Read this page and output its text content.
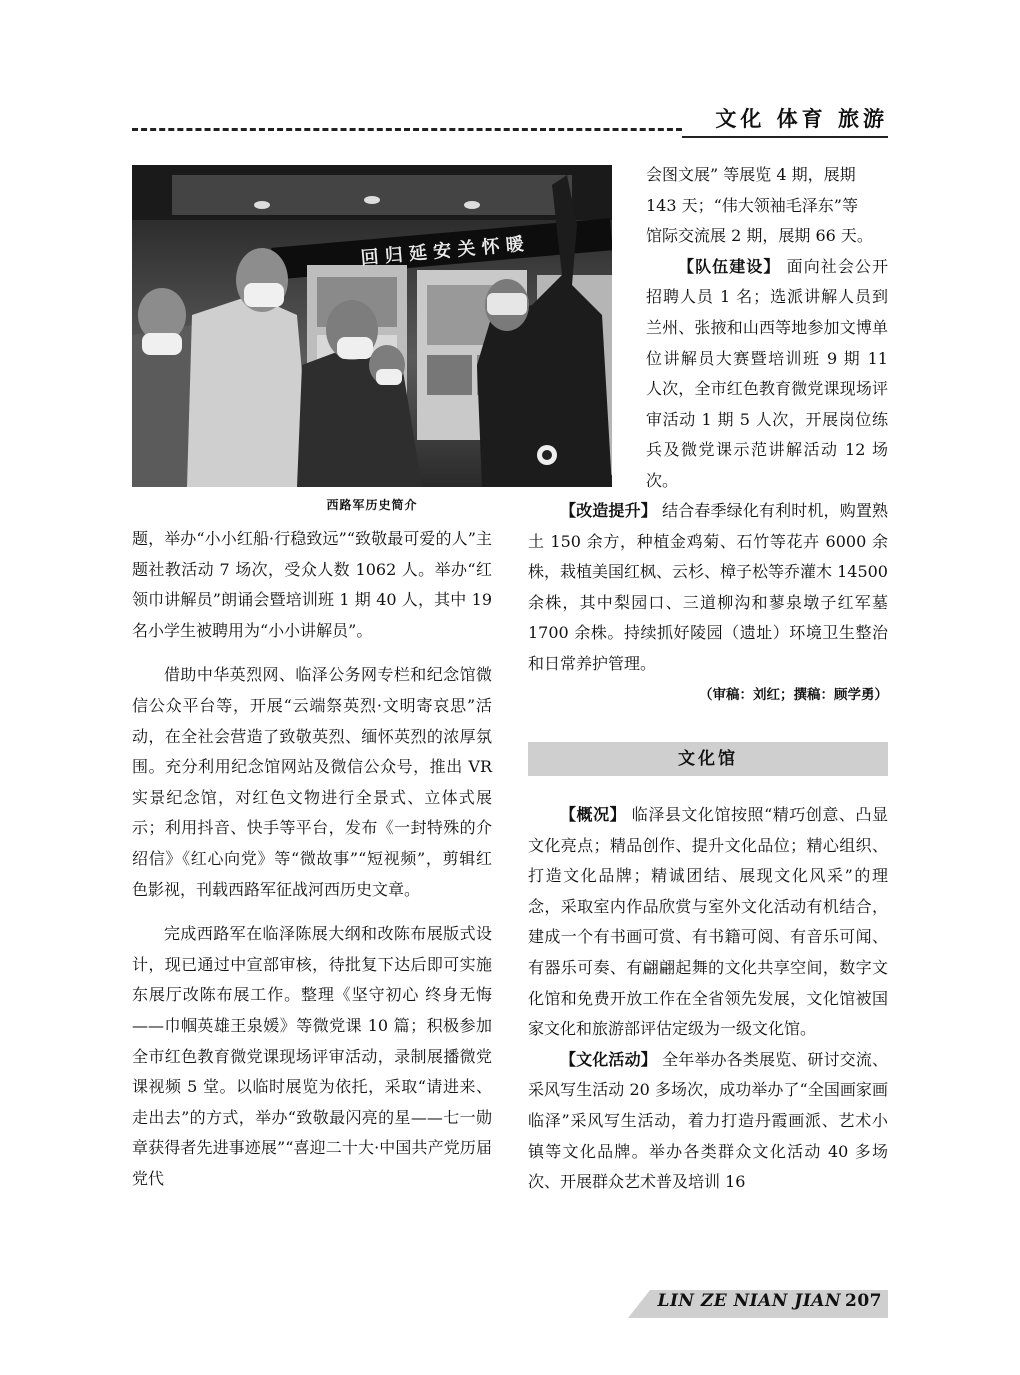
文化 体育 旅游
回 归 延 安 关 怀 暖
西路军历史简介

会图文展” 等展览 4 期，展期

143 天；“伟大领袖毛泽东”等

馆际交流展 2 期，展期 66 天。

【队伍建设】 面向社会公开招聘人员 1 名；选派讲解人员到兰州、张掖和山西等地参加文博单位讲解员大赛暨培训班 9 期 11 人次，全市红色教育微党课现场评审活动 1 期 5 人次，开展岗位练兵及微党课示范讲解活动 12 场次。

【改造提升】 结合春季绿化有利时机，购置熟土 150 余方，种植金鸡菊、石竹等花卉 6000 余株，栽植美国红枫、云杉、樟子松等乔灌木 14500 余株，其中梨园口、三道柳沟和蓼泉墩子红军墓 1700 余株。持续抓好陵园（遗址）环境卫生整治和日常养护管理。

（审稿：刘红；撰稿：顾学勇）

文化馆

【概况】 临泽县文化馆按照“精巧创意、凸显文化亮点；精品创作、提升文化品位；精心组织、打造文化品牌；精诚团结、展现文化风采”的理念，采取室内作品欣赏与室外文化活动有机结合，建成一个有书画可赏、有书籍可阅、有音乐可闻、有器乐可奏、有翩翩起舞的文化共享空间，数字文化馆和免费开放工作在全省领先发展，文化馆被国家文化和旅游部评估定级为一级文化馆。

【文化活动】 全年举办各类展览、研讨交流、采风写生活动 20 多场次，成功举办了“全国画家画临泽”采风写生活动，着力打造丹霞画派、艺术小镇等文化品牌。举办各类群众文化活动 40 多场次、开展群众艺术普及培训 16

题，举办“小小红船·行稳致远”“致敬最可爱的人”主题社教活动 7 场次，受众人数 1062 人。举办“红领巾讲解员”朗诵会暨培训班 1 期 40 人，其中 19 名小学生被聘用为“小小讲解员”。

借助中华英烈网、临泽公务网专栏和纪念馆微信公众平台等，开展“云端祭英烈·文明寄哀思”活动，在全社会营造了致敬英烈、缅怀英烈的浓厚氛围。充分利用纪念馆网站及微信公众号，推出 VR 实景纪念馆，对红色文物进行全景式、立体式展示；利用抖音、快手等平台，发布《一封特殊的介绍信》《红心向党》等“微故事”“短视频”，剪辑红色影视，刊载西路军征战河西历史文章。

完成西路军在临泽陈展大纲和改陈布展版式设计，现已通过中宣部审核，待批复下达后即可实施东展厅改陈布展工作。整理《坚守初心 终身无悔——巾帼英雄王泉媛》等微党课 10 篇；积极参加全市红色教育微党课现场评审活动，录制展播微党课视频 5 堂。以临时展览为依托，采取“请进来、走出去”的方式，举办“致敬最闪亮的星——七一勋章获得者先进事迹展”“喜迎二十大·中国共产党历届党代

LIN ZE NIAN JIAN 207
